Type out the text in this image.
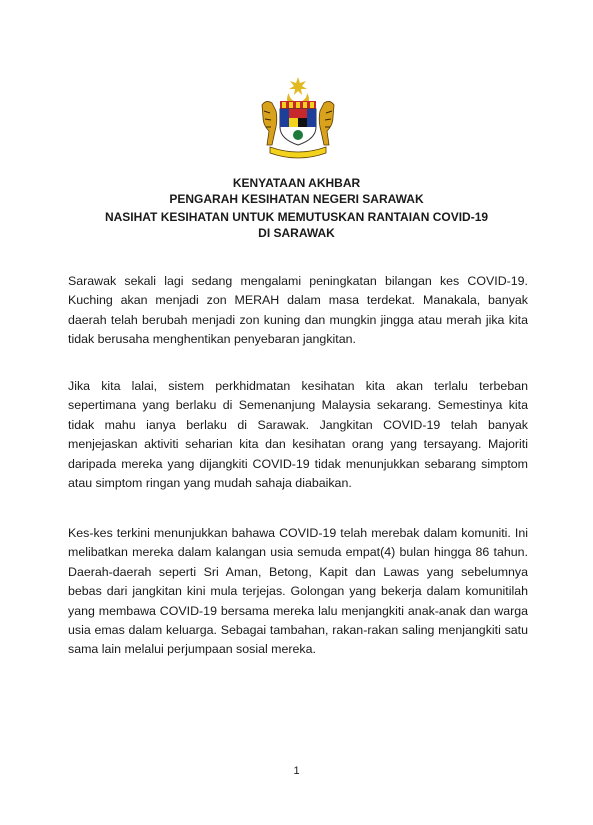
KENYATAAN AKHBAR
PENGARAH KESIHATAN NEGERI SARAWAK
NASIHAT KESIHATAN UNTUK MEMUTUSKAN RANTAIAN COVID-19
DI SARAWAK

Sarawak sekali lagi sedang mengalami peningkatan bilangan kes COVID-19. Kuching akan menjadi zon MERAH dalam masa terdekat. Manakala, banyak daerah telah berubah menjadi zon kuning dan mungkin jingga atau merah jika kita tidak berusaha menghentikan penyebaran jangkitan.

Jika kita lalai, sistem perkhidmatan kesihatan kita akan terlalu terbeban sepertimana yang berlaku di Semenanjung Malaysia sekarang. Semestinya kita tidak mahu ianya berlaku di Sarawak. Jangkitan COVID-19 telah banyak menjejaskan aktiviti seharian kita dan kesihatan orang yang tersayang. Majoriti daripada mereka yang dijangkiti COVID-19 tidak menunjukkan sebarang simptom atau simptom ringan yang mudah sahaja diabaikan.

Kes-kes terkini menunjukkan bahawa COVID-19 telah merebak dalam komuniti. Ini melibatkan mereka dalam kalangan usia semuda empat(4) bulan hingga 86 tahun. Daerah-daerah seperti Sri Aman, Betong, Kapit dan Lawas yang sebelumnya bebas dari jangkitan kini mula terjejas. Golongan yang bekerja dalam komunitilah yang membawa COVID-19 bersama mereka lalu menjangkiti anak-anak dan warga usia emas dalam keluarga. Sebagai tambahan, rakan-rakan saling menjangkiti satu sama lain melalui perjumpaan sosial mereka.

1
